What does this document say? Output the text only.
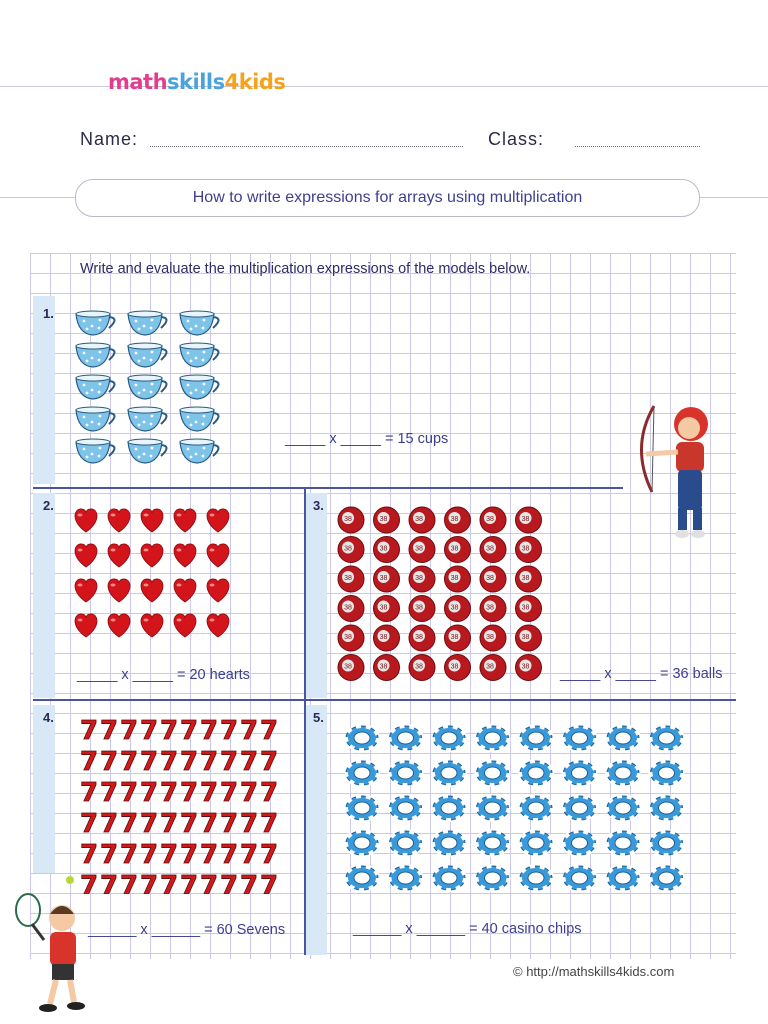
mathskills4kids
Name:	Class:
How to write expressions for arrays using multiplication
Write and evaluate the multiplication expressions of the models below.
1.
2.	3.
4.	5.
38	38	38	38	38	38
38	38	38	38	38	38
38	38	38	38	38	38
38	38	38	38	38	38
38	38	38	38	38	38
38	38	38	38	38	38
7 7 7 7 7 7 7 7 7 7
7 7 7 7 7 7 7 7 7 7
7 7 7 7 7 7 7 7 7 7
7 7 7 7 7 7 7 7 7 7
7 7 7 7 7 7 7 7 7 7
7 7 7 7 7 7 7 7 7 7
_____ x _____ = 15 cups
_____ x _____ = 20 hearts	_____ x _____ = 36 balls
______ x ______ = 60 Sevens	______ x ______ = 40 casino chips
© http://mathskills4kids.com
